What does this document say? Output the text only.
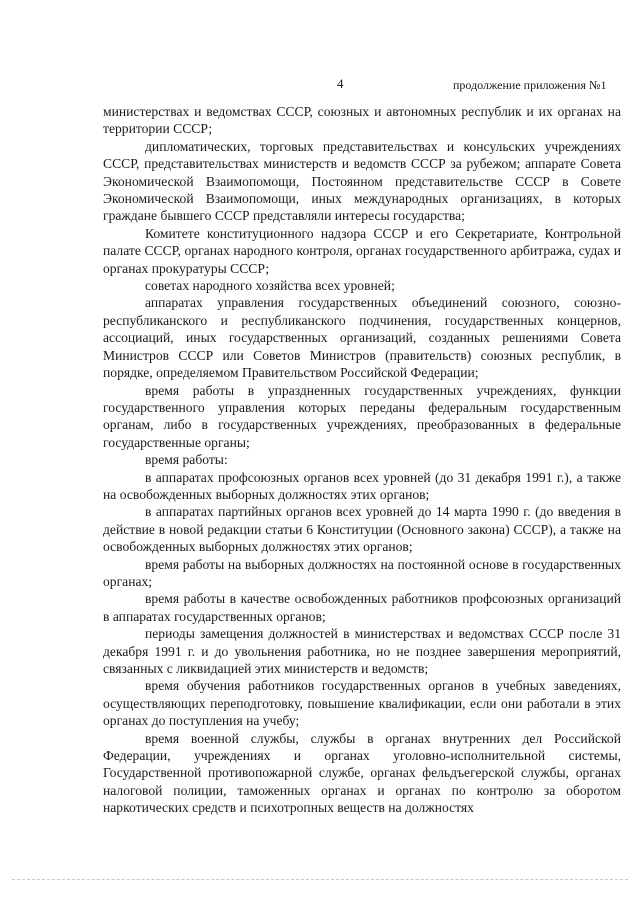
4	продолжение приложения №1

министерствах и ведомствах СССР, союзных и автономных республик и их органах на территории СССР;

дипломатических, торговых представительствах и консульских учреждениях СССР, представительствах министерств и ведомств СССР за рубежом; аппарате Совета Экономической Взаимопомощи, Постоянном представительстве СССР в Совете Экономической Взаимопомощи, иных международных организациях, в которых граждане бывшего СССР представляли интересы государства;

Комитете конституционного надзора СССР и его Секретариате, Контрольной палате СССР, органах народного контроля, органах государственного арбитража, судах и органах прокуратуры СССР;

советах народного хозяйства всех уровней;

аппаратах управления государственных объединений союзного, союзно-республиканского и республиканского подчинения, государственных концернов, ассоциаций, иных государственных организаций, созданных решениями Совета Министров СССР или Советов Министров (правительств) союзных республик, в порядке, определяемом Правительством Российской Федерации;

время работы в упраздненных государственных учреждениях, функции государственного управления которых переданы федеральным государственным органам, либо в государственных учреждениях, преобразованных в федеральные государственные органы;

время работы:

в аппаратах профсоюзных органов всех уровней (до 31 декабря 1991 г.), а также на освобожденных выборных должностях этих органов;

в аппаратах партийных органов всех уровней до 14 марта 1990 г. (до введения в действие в новой редакции статьи 6 Конституции (Основного закона) СССР), а также на освобожденных выборных должностях этих органов;

время работы на выборных должностях на постоянной основе в государственных органах;

время работы в качестве освобожденных работников профсоюзных организаций в аппаратах государственных органов;

периоды замещения должностей в министерствах и ведомствах СССР после 31 декабря 1991 г. и до увольнения работника, но не позднее завершения мероприятий, связанных с ликвидацией этих министерств и ведомств;

время обучения работников государственных органов в учебных заведениях, осуществляющих переподготовку, повышение квалификации, если они работали в этих органах до поступления на учебу;

время военной службы, службы в органах внутренних дел Российской Федерации, учреждениях и органах уголовно-исполнительной системы, Государственной противопожарной службе, органах фельдъегерской службы, органах налоговой полиции, таможенных органах и органах по контролю за оборотом наркотических средств и психотропных веществ на должностях
